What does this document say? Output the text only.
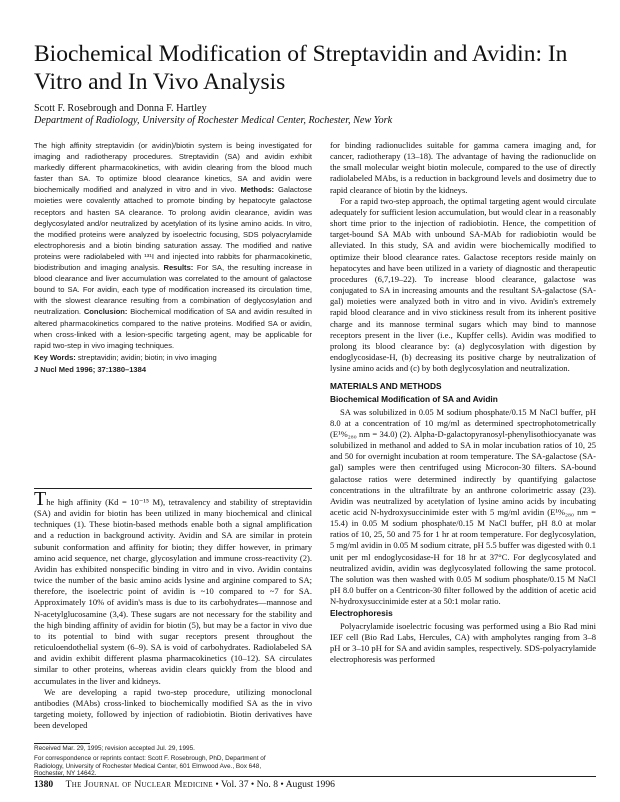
Biochemical Modification of Streptavidin and Avidin: In Vitro and In Vivo Analysis
Scott F. Rosebrough and Donna F. Hartley
Department of Radiology, University of Rochester Medical Center, Rochester, New York

The high affinity streptavidin (or avidin)/biotin system is being investigated for imaging and radiotherapy procedures. Streptavidin (SA) and avidin exhibit markedly different pharmacokinetics, with avidin clearing from the blood much faster than SA. To optimize blood clearance kinetics, SA and avidin were biochemically modified and analyzed in vitro and in vivo. Methods: Galactose moieties were covalently attached to promote binding by hepatocyte galactose receptors and hasten SA clearance. To prolong avidin clearance, avidin was deglycosylated and/or neutralized by acetylation of its lysine amino acids. In vitro, the modified proteins were analyzed by isoelectric focusing, SDS polyacrylamide electrophoresis and a biotin binding saturation assay. The modified and native proteins were radiolabeled with ¹³¹I and injected into rabbits for pharmacokinetic, biodistribution and imaging analysis. Results: For SA, the resulting increase in blood clearance and liver accumulation was correlated to the amount of galactose bound to SA. For avidin, each type of modification increased its circulation time, with the slowest clearance resulting from a combination of deglycosylation and neutralization. Conclusion: Biochemical modification of SA and avidin resulted in altered pharmacokinetics compared to the native proteins. Modified SA or avidin, when cross-linked with a lesion-specific targeting agent, may be applicable for rapid two-step in vivo imaging techniques.

Key Words: streptavidin; avidin; biotin; in vivo imaging

J Nucl Med 1996; 37:1380–1384

The high affinity (Kd = 10⁻¹⁵ M), tetravalency and stability of streptavidin (SA) and avidin for biotin has been utilized in many biochemical and clinical techniques (1). These biotin-based methods enable both a signal amplification and a reduction in background activity. Avidin and SA are similar in protein subunit conformation and affinity for biotin; they differ however, in primary amino acid sequence, net charge, glycosylation and immune cross-reactivity (2). Avidin has exhibited nonspecific binding in vitro and in vivo. Avidin contains twice the number of the basic amino acids lysine and arginine compared to SA; therefore, the isoelectric point of avidin is ~10 compared to ~7 for SA. Approximately 10% of avidin's mass is due to its carbohydrates—mannose and N-acetylglucosamine (3,4). These sugars are not necessary for the stability and the high binding affinity of avidin for biotin (5), but may be a factor in vivo due to its potential to bind with sugar receptors present throughout the reticuloendothelial system (6–9). SA is void of carbohydrates. Radiolabeled SA and avidin exhibit different plasma pharmacokinetics (10–12). SA circulates similar to other proteins, whereas avidin clears quickly from the blood and accumulates in the liver and kidneys.

We are developing a rapid two-step procedure, utilizing monoclonal antibodies (MAbs) cross-linked to biochemically modified SA as the in vivo targeting moiety, followed by injection of radiobiotin. Biotin derivatives have been developed

for binding radionuclides suitable for gamma camera imaging and, for cancer, radiotherapy (13–18). The advantage of having the radionuclide on the small molecular weight biotin molecule, compared to the use of directly radiolabeled MAbs, is a reduction in background levels and dosimetry due to rapid clearance of biotin by the kidneys.

For a rapid two-step approach, the optimal targeting agent would circulate adequately for sufficient lesion accumulation, but would clear in a reasonably short time prior to the injection of radiobiotin. Hence, the competition of target-bound SA MAb with unbound SA-MAb for radiobiotin would be alleviated. In this study, SA and avidin were biochemically modified to optimize their blood clearance rates. Galactose receptors reside mainly on hepatocytes and have been utilized in a variety of diagnostic and therapeutic procedures (6,7,19–22). To increase blood clearance, galactose was conjugated to SA in increasing amounts and the resultant SA-galactose (SA-gal) moieties were analyzed both in vitro and in vivo. Avidin's extremely rapid blood clearance and in vivo stickiness result from its inherent positive charge and its mannose terminal sugars which may bind to mannose receptors present in the liver (i.e., Kupffer cells). Avidin was modified to prolong its blood clearance by: (a) deglycosylation with digestion by endoglycosidase-H, (b) decreasing its positive charge by neutralization of lysine amino acids and (c) by both deglycosylation and neutralization.

MATERIALS AND METHODS

Biochemical Modification of SA and Avidin

SA was solubilized in 0.05 M sodium phosphate/0.15 M NaCl buffer, pH 8.0 at a concentration of 10 mg/ml as determined spectrophotometrically (E¹%₂₈₀ nm = 34.0) (2). Alpha-D-galactopyranosyl-phenylisothiocyanate was solubilized in methanol and added to SA in molar incubation ratios of 10, 25 and 50 for overnight incubation at room temperature. The SA-galactose (SA-gal) samples were then centrifuged using Microcon-30 filters. SA-bound galactose ratios were determined indirectly by quantifying galactose concentrations in the ultrafiltrate by an anthrone colorimetric assay (23). Avidin was neutralized by acetylation of lysine amino acids by incubating acetic acid N-hydroxysuccinimide ester with 5 mg/ml avidin (E¹%₂₈₀ nm = 15.4) in 0.05 M sodium phosphate/0.15 M NaCl buffer, pH 8.0 at molar ratios of 10, 25, 50 and 75 for 1 hr at room temperature. For deglycosylation, 5 mg/ml avidin in 0.05 M sodium citrate, pH 5.5 buffer was digested with 0.1 unit per ml endoglycosidase-H for 18 hr at 37°C. For deglycosylated and neutralized avidin, avidin was deglycosylated following the same protocol. The solution was then washed with 0.05 M sodium phosphate/0.15 M NaCl pH 8.0 buffer on a Centricon-30 filter followed by the addition of acetic acid N-hydroxysuccinimide ester at a 50:1 molar ratio.

Electrophoresis

Polyacrylamide isoelectric focusing was performed using a Bio Rad mini IEF cell (Bio Rad Labs, Hercules, CA) with ampholytes ranging from 3–8 pH or 3–10 pH for SA and avidin samples, respectively. SDS-polyacrylamide electrophoresis was performed

Received Mar. 29, 1995; revision accepted Jul. 29, 1995.

For correspondence or reprints contact: Scott F. Rosebrough, PhD, Department of Radiology, University of Rochester Medical Center, 601 Elmwood Ave., Box 648, Rochester, NY 14642.

1380 The Journal of Nuclear Medicine • Vol. 37 • No. 8 • August 1996
